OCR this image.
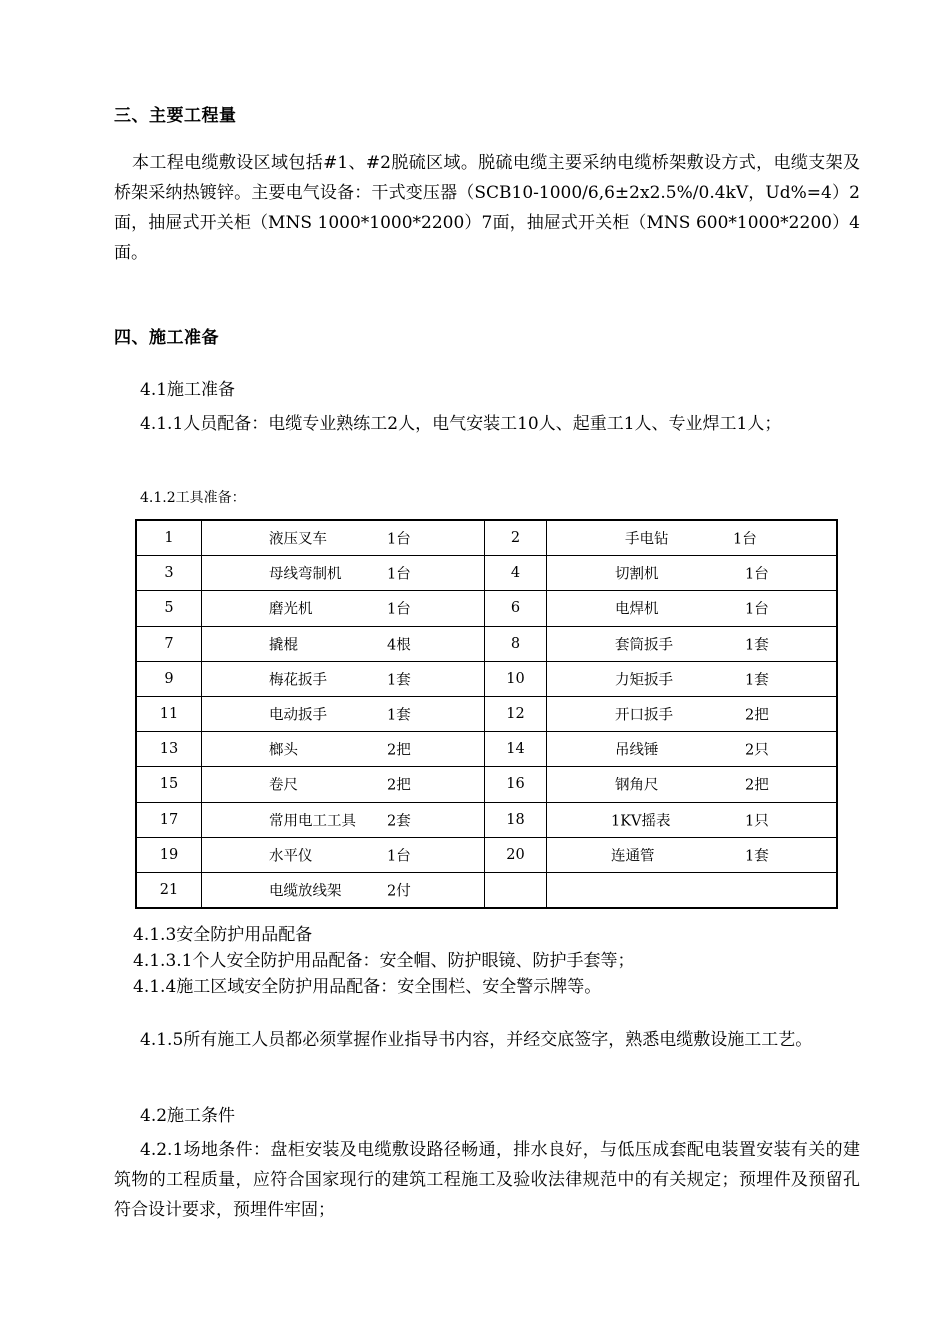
三、主要工程量
本工程电缆敷设区域包括#1、#2脱硫区域。脱硫电缆主要采纳电缆桥架敷设方式，电缆支架及桥架采纳热镀锌。主要电气设备：干式变压器（SCB10-1000/6,6±2x2.5%/0.4kV，Ud%=4）2面，抽屉式开关柜（MNS 1000*1000*2200）7面，抽屉式开关柜（MNS 600*1000*2200）4面。
四、施工准备
4.1施工准备
4.1.1人员配备：电缆专业熟练工2人，电气安装工10人、起重工1人、专业焊工1人；
4.1.2工具准备：
1	液压叉车 1台	2	手电钻 1台

3	母线弯制机 1台	4	切割机 1台

5	磨光机 1台	6	电焊机 1台

7	撬棍 4根	8	套筒扳手 1套

9	梅花扳手 1套	10	力矩扳手 1套

11	电动扳手 1套	12	开口扳手 2把

13	榔头 2把	14	吊线锤 2只

15	卷尺 2把	16	钢角尺 2把

17	常用电工工具 2套	18	1KV摇表 1只

19	水平仪 1台	20	连通管 1套

21	电缆放线架 2付		

4.1.3安全防护用品配备
4.1.3.1个人安全防护用品配备：安全帽、防护眼镜、防护手套等；
4.1.4施工区域安全防护用品配备：安全围栏、安全警示牌等。
4.1.5所有施工人员都必须掌握作业指导书内容，并经交底签字，熟悉电缆敷设施工工艺。
4.2施工条件
4.2.1场地条件：盘柜安装及电缆敷设路径畅通，排水良好，与低压成套配电装置安装有关的建筑物的工程质量，应符合国家现行的建筑工程施工及验收法律规范中的有关规定；预埋件及预留孔符合设计要求，预埋件牢固；
